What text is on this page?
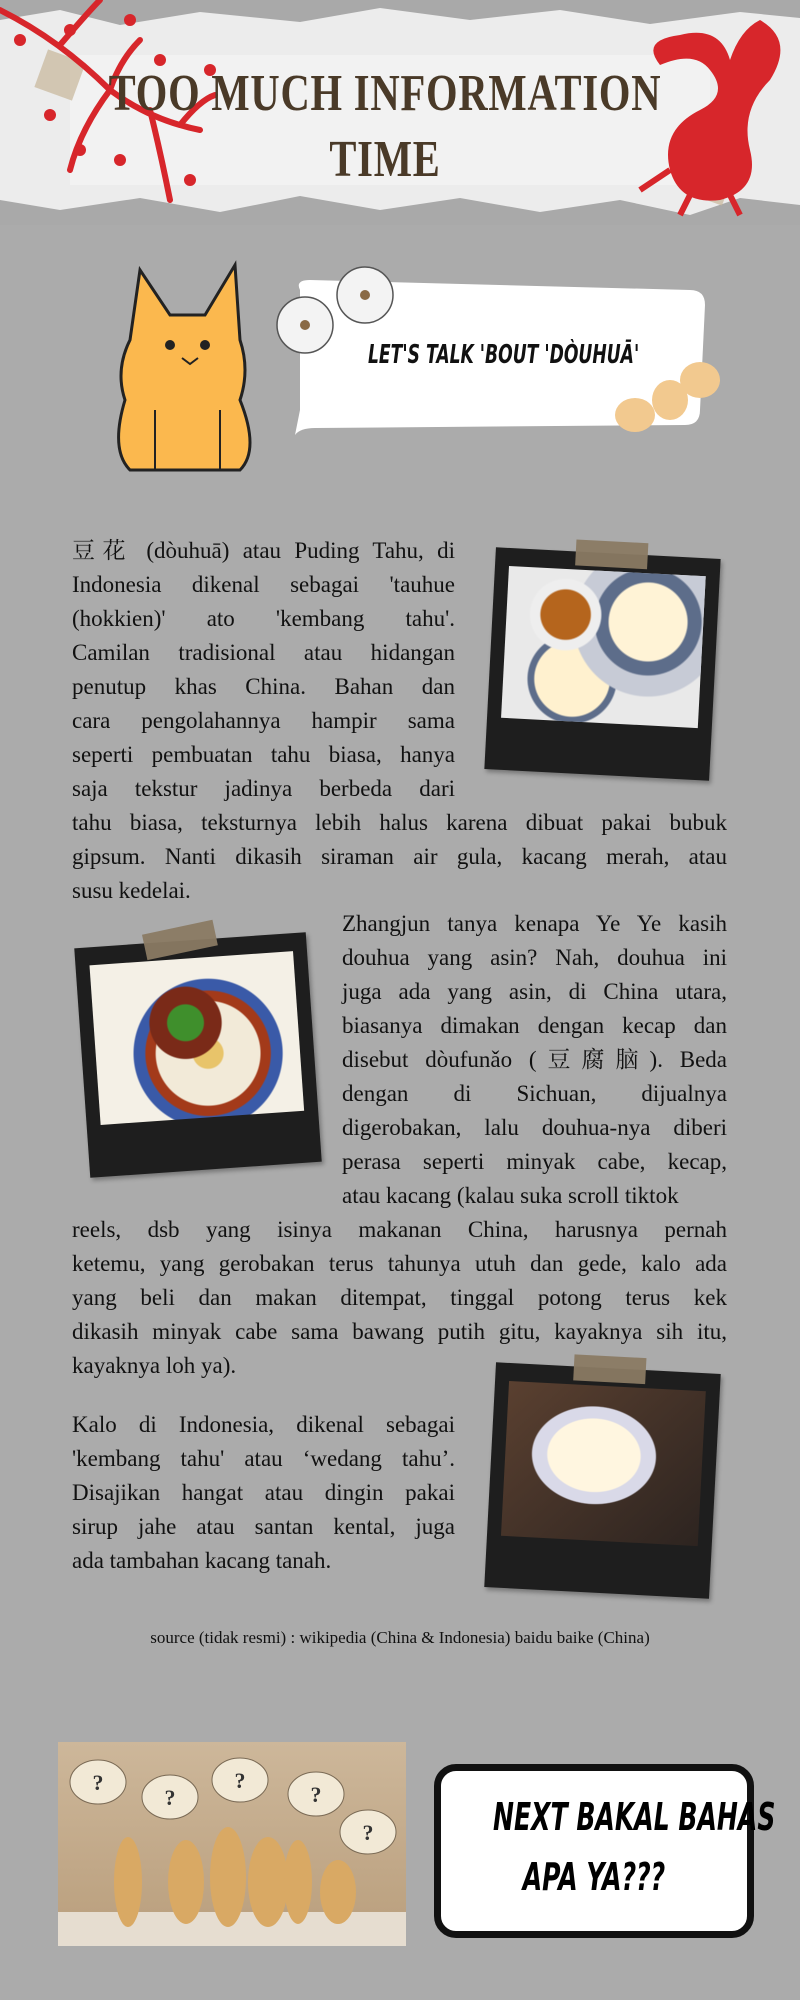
TOO MUCH INFORMATION
TIME
LET'S TALK 'BOUT 'DÒUHUĀ'
豆花 (dòuhuā) atau Puding Tahu, di
Indonesia dikenal sebagai 'tauhue
(hokkien)' ato 'kembang tahu'.
Camilan tradisional atau hidangan
penutup khas China. Bahan dan
cara pengolahannya hampir sama
seperti pembuatan tahu biasa, hanya
saja tekstur jadinya berbeda dari
tahu biasa, teksturnya lebih halus karena dibuat pakai bubuk
gipsum. Nanti dikasih siraman air gula, kacang merah, atau
susu kedelai.
Zhangjun tanya kenapa Ye Ye kasih
douhua yang asin? Nah, douhua ini
juga ada yang asin, di China utara,
biasanya dimakan dengan kecap dan
disebut dòufunǎo (豆腐脑). Beda
dengan di Sichuan, dijualnya
digerobakan, lalu douhua-nya diberi
perasa seperti minyak cabe, kecap,
atau kacang (kalau suka scroll tiktok
reels, dsb yang isinya makanan China, harusnya pernah
ketemu, yang gerobakan terus tahunya utuh dan gede, kalo ada
yang beli dan makan ditempat, tinggal potong terus kek
dikasih minyak cabe sama bawang putih gitu, kayaknya sih itu,
kayaknya loh ya).
Kalo di Indonesia, dikenal sebagai
'kembang tahu' atau ‘wedang tahu’.
Disajikan hangat atau dingin pakai
sirup jahe atau santan kental, juga
ada tambahan kacang tanah.
source (tidak resmi) : wikipedia (China & Indonesia) baidu baike (China)
?
?
?
?
?	NEXT BAKAL BAHAS
APA YA???
